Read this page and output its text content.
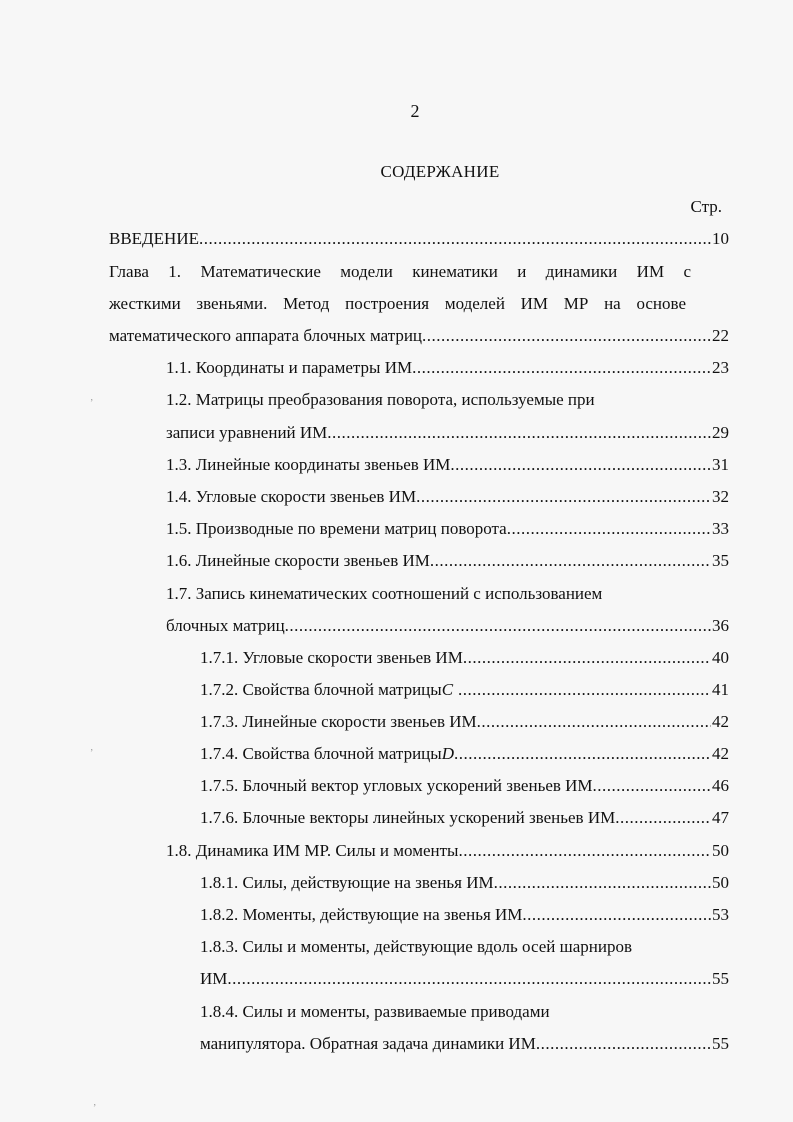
2
СОДЕРЖАНИЕ
Стр.
ВВЕДЕНИЕ .....	10
Глава 1. Математические модели кинематики и динамики ИМ с
жесткими звеньями. Метод построения моделей ИМ МР на основе
математического аппарата блочных матриц .....	22
1.1. Координаты и параметры ИМ .....	23
1.2. Матрицы преобразования поворота, используемые при
записи уравнений ИМ .....	29
1.3. Линейные координаты звеньев ИМ .....	31
1.4. Угловые скорости звеньев ИМ .....	32
1.5. Производные по времени матриц поворота .....	33
1.6. Линейные скорости звеньев ИМ .....	35
1.7. Запись кинематических соотношений с использованием
блочных матриц .....	36
1.7.1. Угловые скорости звеньев ИМ .....	40
1.7.2. Свойства блочной матрицы C .....	41
1.7.3. Линейные скорости звеньев ИМ .....	42
1.7.4. Свойства блочной матрицы D .....	42
1.7.5. Блочный вектор угловых ускорений звеньев ИМ .....	46
1.7.6. Блочные векторы линейных ускорений звеньев ИМ .....	47
1.8. Динамика ИМ МР. Силы и моменты .....	50
1.8.1. Силы, действующие на звенья ИМ .....	50
1.8.2. Моменты, действующие на звенья ИМ .....	53
1.8.3. Силы и моменты, действующие вдоль осей шарниров
ИМ .....	55
1.8.4. Силы и моменты, развиваемые приводами
манипулятора. Обратная задача динамики ИМ .....	55
ʼ
ʼ
ʼ
